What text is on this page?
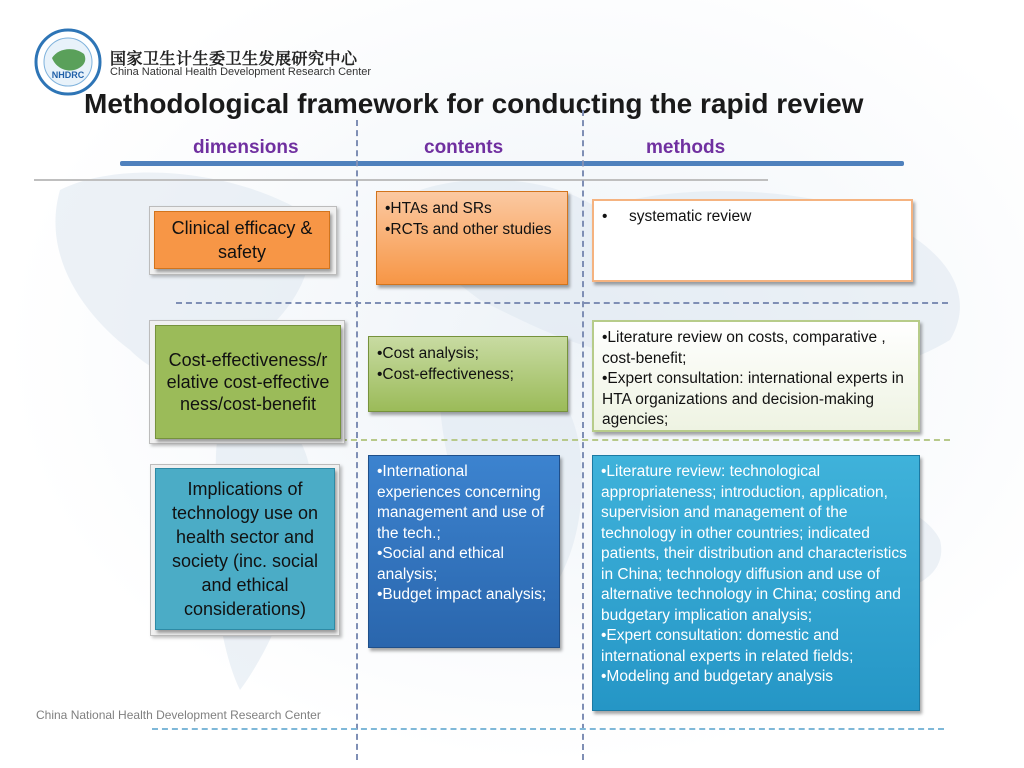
NHDRC
国家卫生计生委卫生发展研究中心
China National Health Development Research Center
Methodological framework for conducting the rapid review
dimensions	contents	methods
Clinical efficacy & safety
•HTAs and SRs
•RCTs and other studies
•     systematic review
Cost-effectiveness/relative cost-effectiveness/cost-benefit
•Cost analysis;
•Cost-effectiveness;
•Literature review on costs, comparative , cost-benefit;
•Expert consultation: international experts in HTA organizations and decision-making agencies;
Implications of technology use on health sector and society (inc. social and ethical considerations)
•International experiences concerning management and use of the tech.;
•Social and ethical analysis;
•Budget impact analysis;
•Literature review: technological appropriateness; introduction, application, supervision and management of the technology in other countries; indicated patients, their distribution and characteristics in China; technology diffusion and use of alternative technology in China; costing and budgetary implication analysis;
•Expert consultation: domestic and international experts in related fields;
•Modeling and budgetary analysis
China National Health Development Research Center
